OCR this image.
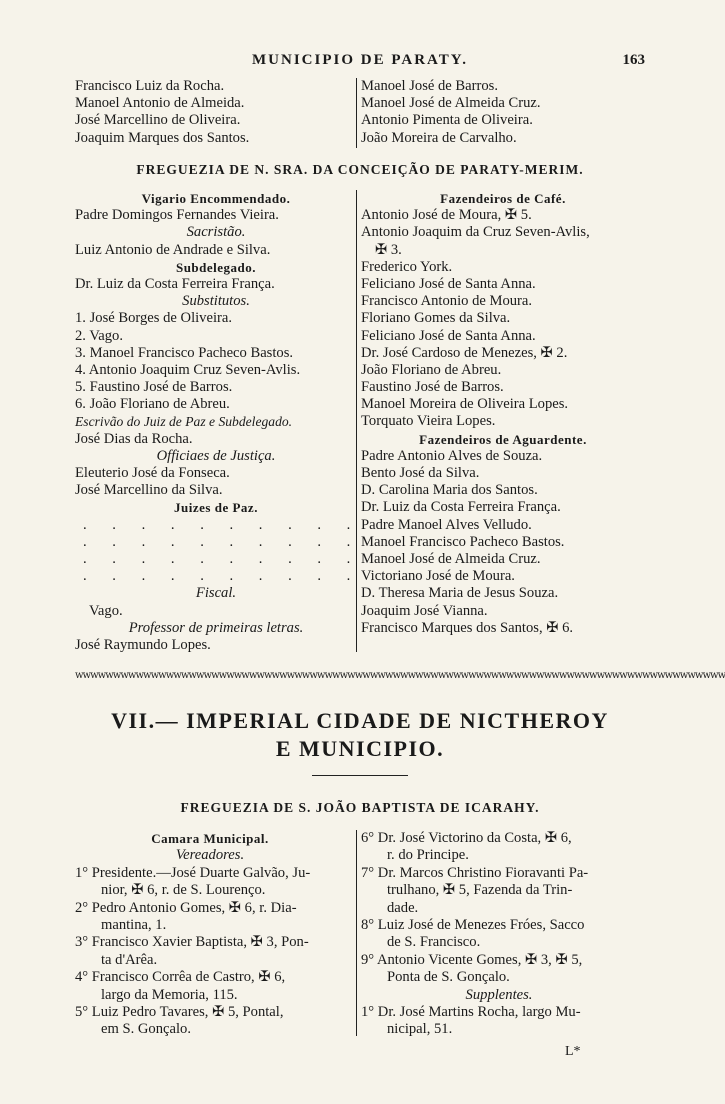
MUNICIPIO DE PARATY.	163
Francisco Luiz da Rocha.
Manoel Antonio de Almeida.
José Marcellino de Oliveira.
Joaquim Marques dos Santos.
Manoel José de Barros.
Manoel José de Almeida Cruz.
Antonio Pimenta de Oliveira.
João Moreira de Carvalho.
FREGUEZIA DE N. SRA. DA CONCEIÇÃO DE PARATY-MERIM.
Vigario Encommendado.
Padre Domingos Fernandes Vieira.
Sacristão.
Luiz Antonio de Andrade e Silva.
Subdelegado.
Dr. Luiz da Costa Ferreira França.
Substitutos.
1. José Borges de Oliveira.
2. Vago.
3. Manoel Francisco Pacheco Bastos.
4. Antonio Joaquim Cruz Seven-Avlis.
5. Faustino José de Barros.
6. João Floriano de Abreu.
Escrivão do Juiz de Paz e Subdelegado.
José Dias da Rocha.
Officiaes de Justiça.
Eleuterio José da Fonseca.
José Marcellino da Silva.
Juizes de Paz.
. . . . . . . . . .
. . . . . . . . . .
. . . . . . . . . .
. . . . . . . . . .
Fiscal.
Vago.
Professor de primeiras letras.
José Raymundo Lopes.
Fazendeiros de Café.
Antonio José de Moura, ✠ 5.
Antonio Joaquim da Cruz Seven-Avlis,
✠ 3.
Frederico York.
Feliciano José de Santa Anna.
Francisco Antonio de Moura.
Floriano Gomes da Silva.
Feliciano José de Santa Anna.
Dr. José Cardoso de Menezes, ✠ 2.
João Floriano de Abreu.
Faustino José de Barros.
Manoel Moreira de Oliveira Lopes.
Torquato Vieira Lopes.
Fazendeiros de Aguardente.
Padre Antonio Alves de Souza.
Bento José da Silva.
D. Carolina Maria dos Santos.
Dr. Luiz da Costa Ferreira França.
Padre Manoel Alves Velludo.
Manoel Francisco Pacheco Bastos.
Manoel José de Almeida Cruz.
Victoriano José de Moura.
D. Theresa Maria de Jesus Souza.
Joaquim José Vianna.
Francisco Marques dos Santos, ✠ 6.
wwwwwwwwwwwwwwwwwwwwwwwwwwwwwwwwwwwwwwwwwwwwwwwwwwwwwwwwwwwwwwwwwwwwwwwwwwwwwwwwwwwwww
VII.— IMPERIAL CIDADE DE NICTHEROY
E MUNICIPIO.
FREGUEZIA DE S. JOÃO BAPTISTA DE ICARAHY.
Camara Municipal.
Vereadores.
1° Presidente.—José Duarte Galvão, Ju-
nior, ✠ 6, r. de S. Lourenço.
2° Pedro Antonio Gomes, ✠ 6, r. Dia-
mantina, 1.
3° Francisco Xavier Baptista, ✠ 3, Pon-
ta d'Arêa.
4° Francisco Corrêa de Castro, ✠ 6,
largo da Memoria, 115.
5° Luiz Pedro Tavares, ✠ 5, Pontal,
em S. Gonçalo.
6° Dr. José Victorino da Costa, ✠ 6,
r. do Principe.
7° Dr. Marcos Christino Fioravanti Pa-
trulhano, ✠ 5, Fazenda da Trin-
dade.
8° Luiz José de Menezes Fróes, Sacco
de S. Francisco.
9° Antonio Vicente Gomes, ✠ 3, ✠ 5,
Ponta de S. Gonçalo.
Supplentes.
1° Dr. José Martins Rocha, largo Mu-
nicipal, 51.
L*
